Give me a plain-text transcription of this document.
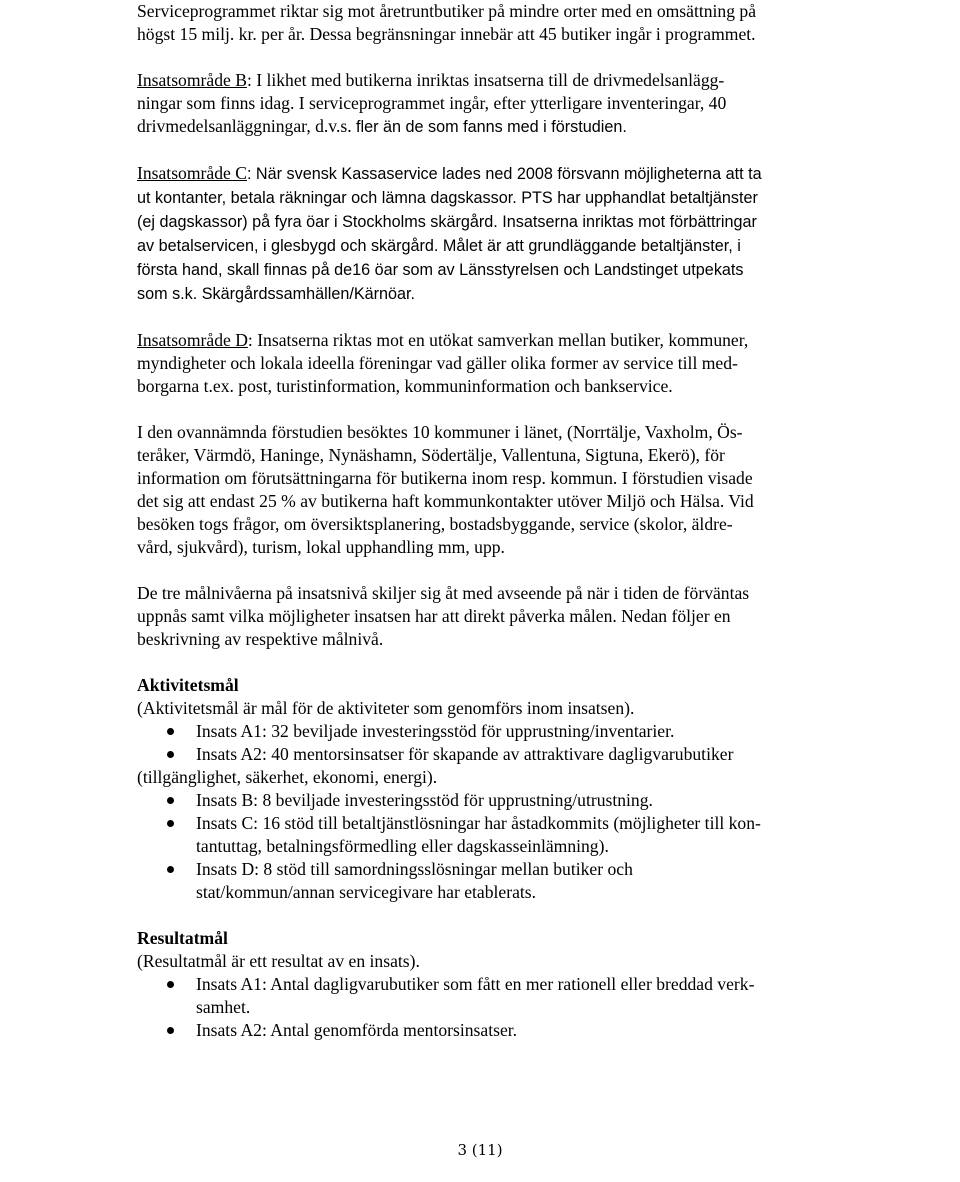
Serviceprogrammet riktar sig mot åretruntbutiker på mindre orter med en omsättning på
högst 15 milj. kr. per år. Dessa begränsningar innebär att 45 butiker ingår i programmet.

Insatsområde B: I likhet med butikerna inriktas insatserna till de drivmedelsanlägg-
ningar som finns idag. I serviceprogrammet ingår, efter ytterligare inventeringar, 40
drivmedelsanläggningar, d.v.s. fler än de som fanns med i förstudien.

Insatsområde C: När svensk Kassaservice lades ned 2008 försvann möjligheterna att ta
ut kontanter, betala räkningar och lämna dagskassor. PTS har upphandlat betaltjänster
(ej dagskassor) på fyra öar i Stockholms skärgård. Insatserna inriktas mot förbättringar
av betalservicen, i glesbygd och skärgård. Målet är att grundläggande betaltjänster, i
första hand, skall finnas på de16 öar som av Länsstyrelsen och Landstinget utpekats
som s.k. Skärgårdssamhällen/Kärnöar.

Insatsområde D: Insatserna riktas mot en utökat samverkan mellan butiker, kommuner,
myndigheter och lokala ideella föreningar vad gäller olika former av service till med-
borgarna t.ex. post, turistinformation, kommuninformation och bankservice.

I den ovannämnda förstudien besöktes 10 kommuner i länet, (Norrtälje, Vaxholm, Ös-
teråker, Värmdö, Haninge, Nynäshamn, Södertälje, Vallentuna, Sigtuna, Ekerö), för
information om förutsättningarna för butikerna inom resp. kommun. I förstudien visade
det sig att endast 25 % av butikerna haft kommunkontakter utöver Miljö och Hälsa. Vid
besöken togs frågor, om översiktsplanering, bostadsbyggande, service (skolor, äldre-
vård, sjukvård), turism, lokal upphandling mm, upp.

De tre målnivåerna på insatsnivå skiljer sig åt med avseende på när i tiden de förväntas
uppnås samt vilka möjligheter insatsen har att direkt påverka målen. Nedan följer en
beskrivning av respektive målnivå.

Aktivitetsmål
(Aktivitetsmål är mål för de aktiviteter som genomförs inom insatsen).

Insats A1: 32 beviljade investeringsstöd för upprustning/inventarier.
Insats A2: 40 mentorsinsatser för skapande av attraktivare dagligvarubutiker
(tillgänglighet, säkerhet, ekonomi, energi).
Insats B: 8 beviljade investeringsstöd för upprustning/utrustning.
Insats C: 16 stöd till betaltjänstlösningar har åstadkommits (möjligheter till kon-
tantuttag, betalningsförmedling eller dagskasseinlämning).
Insats D: 8 stöd till samordningsslösningar mellan butiker och
stat/kommun/annan servicegivare har etablerats.

Resultatmål
(Resultatmål är ett resultat av en insats).

Insats A1: Antal dagligvarubutiker som fått en mer rationell eller breddad verk-
samhet.
Insats A2: Antal genomförda mentorsinsatser.
3 (11)
